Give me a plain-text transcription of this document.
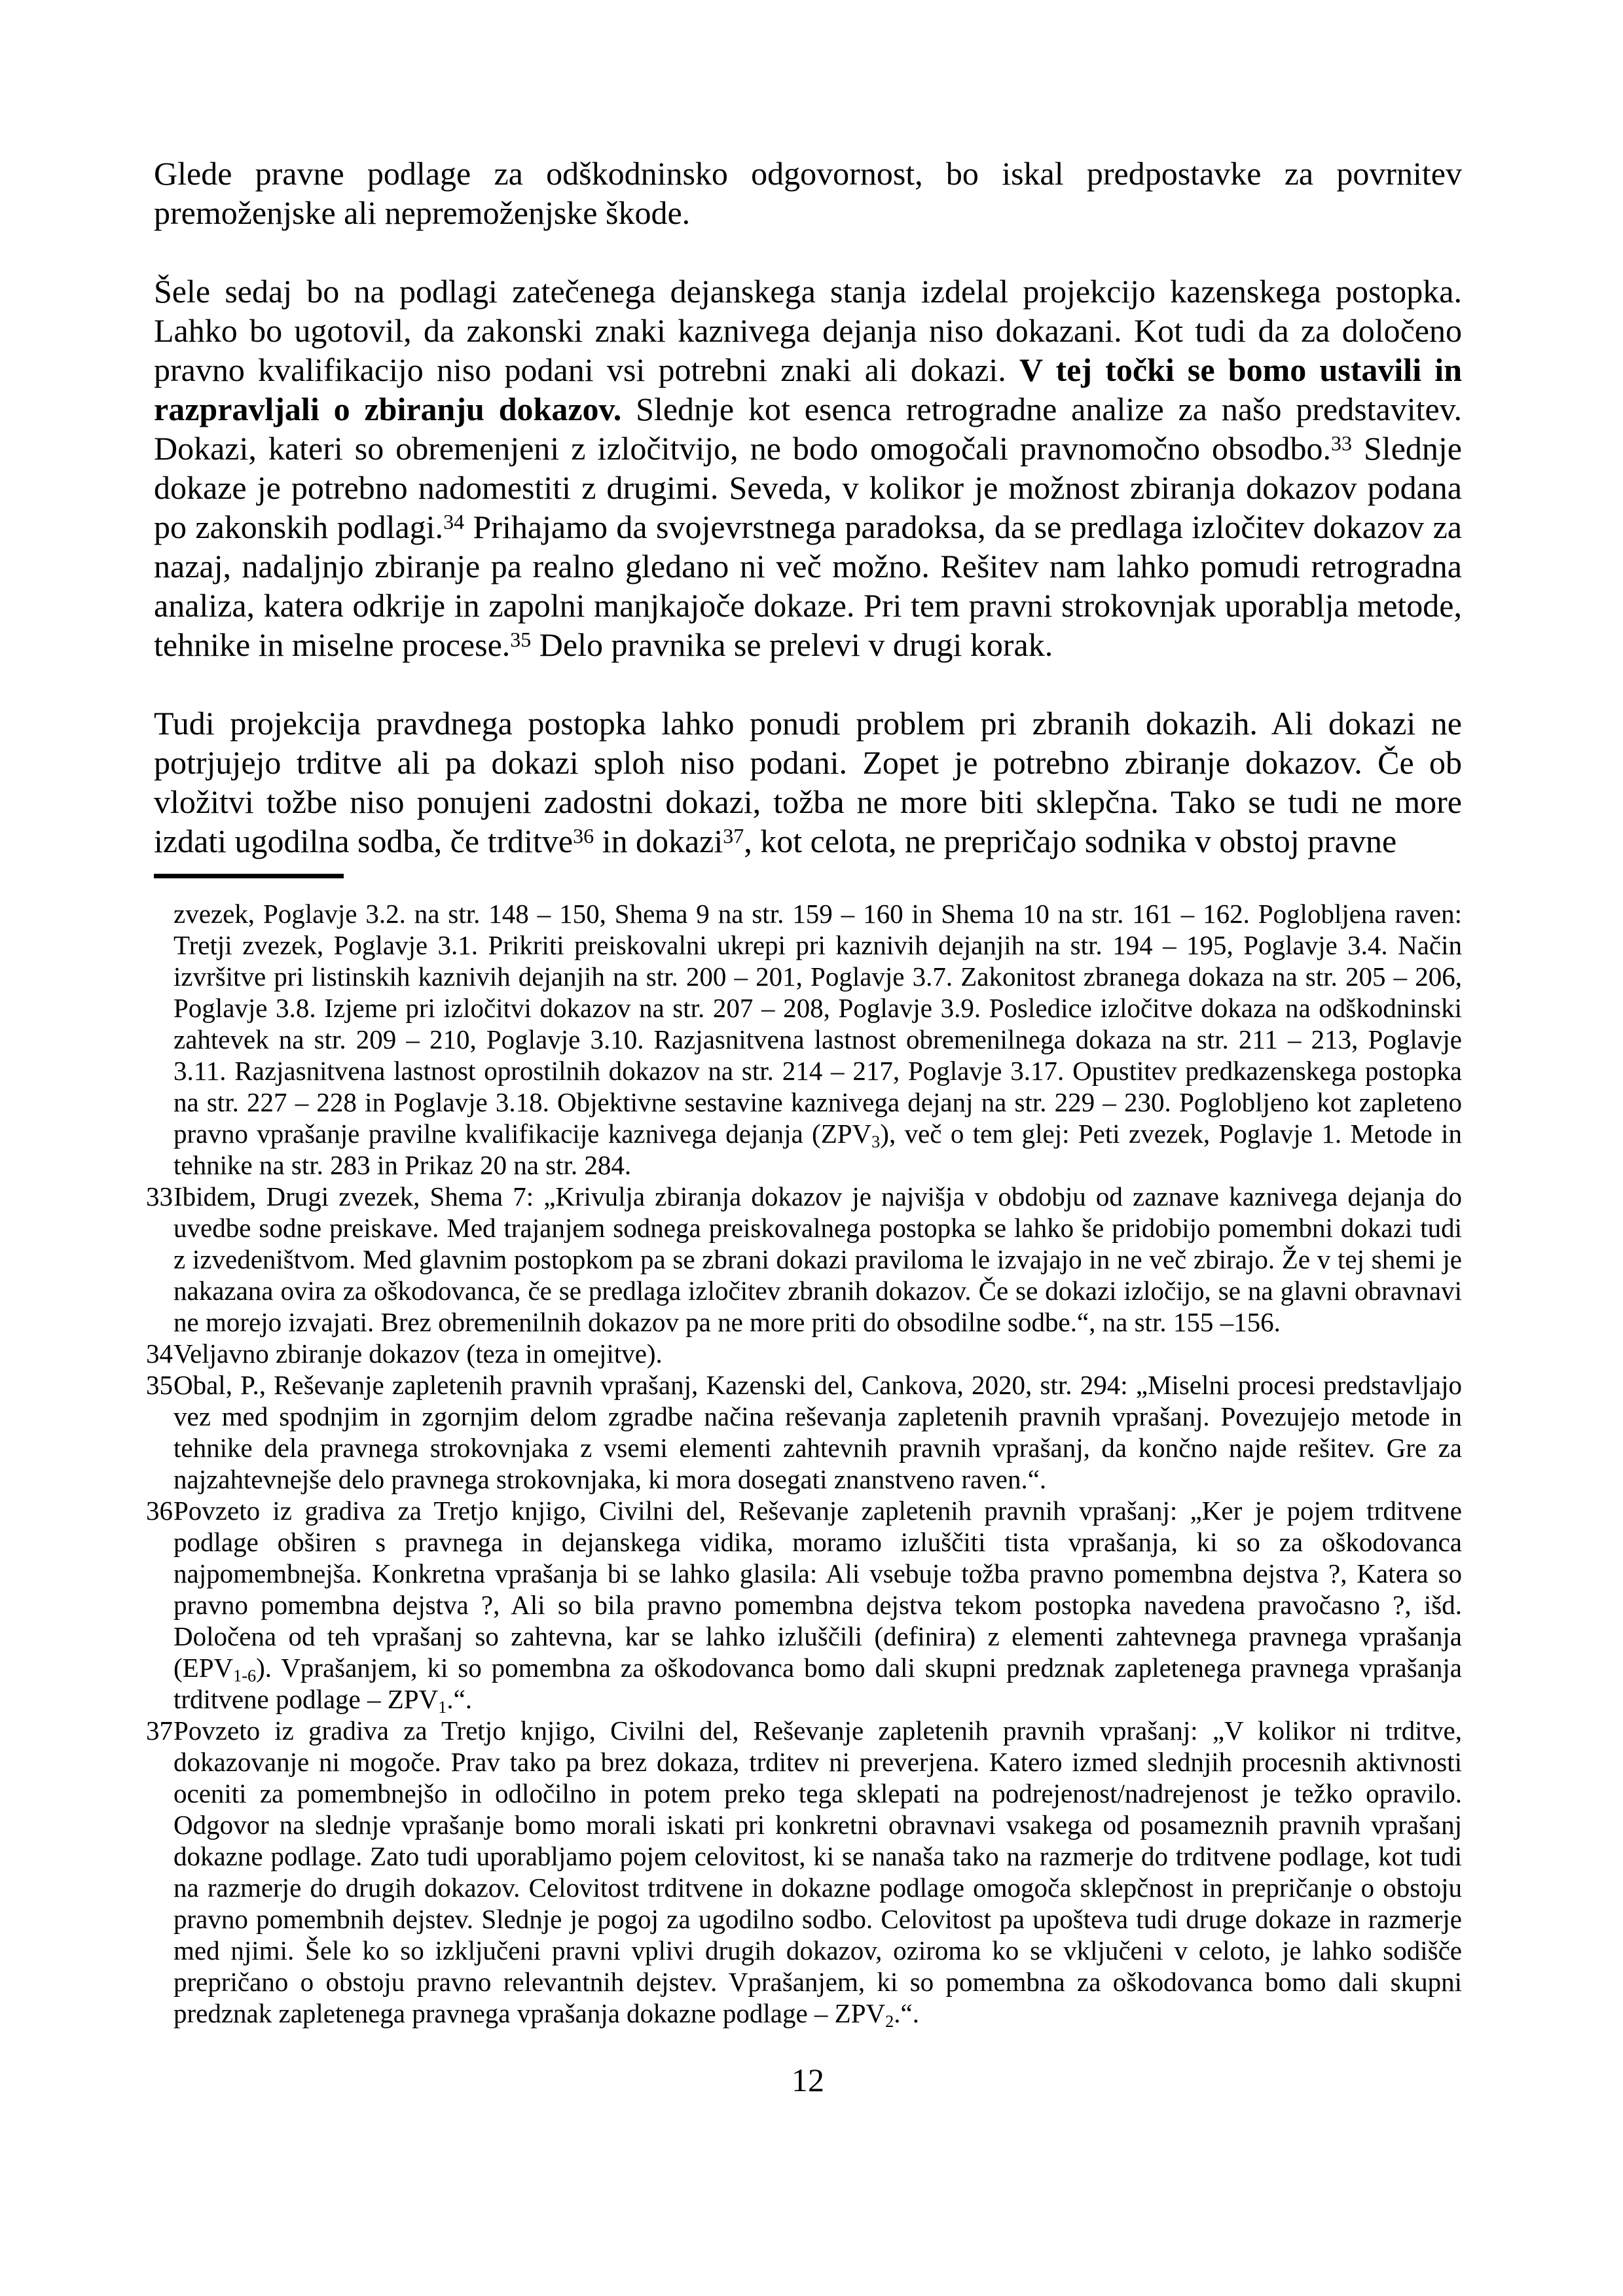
Glede pravne podlage za odškodninsko odgovornost, bo iskal predpostavke za povrnitev premoženjske ali nepremoženjske škode.

Šele sedaj bo na podlagi zatečenega dejanskega stanja izdelal projekcijo kazenskega postopka. Lahko bo ugotovil, da zakonski znaki kaznivega dejanja niso dokazani. Kot tudi da za določeno pravno kvalifikacijo niso podani vsi potrebni znaki ali dokazi. V tej točki se bomo ustavili in razpravljali o zbiranju dokazov. Slednje kot esenca retrogradne analize za našo predstavitev. Dokazi, kateri so obremenjeni z izločitvijo, ne bodo omogočali pravnomočno obsodbo.$^{33}$ Slednje dokaze je potrebno nadomestiti z drugimi. Seveda, v kolikor je možnost zbiranja dokazov podana po zakonskih podlagi.$^{34}$ Prihajamo da svojevrstnega paradoksa, da se predlaga izločitev dokazov za nazaj, nadaljnjo zbiranje pa realno gledano ni več možno. Rešitev nam lahko pomudi retrogradna analiza, katera odkrije in zapolni manjkajoče dokaze. Pri tem pravni strokovnjak uporablja metode, tehnike in miselne procese.$^{35}$ Delo pravnika se prelevi v drugi korak.

Tudi projekcija pravdnega postopka lahko ponudi problem pri zbranih dokazih. Ali dokazi ne potrjujejo trditve ali pa dokazi sploh niso podani. Zopet je potrebno zbiranje dokazov. Če ob vložitvi tožbe niso ponujeni zadostni dokazi, tožba ne more biti sklepčna. Tako se tudi ne more izdati ugodilna sodba, če trditve$^{36}$ in dokazi$^{37}$, kot celota, ne prepričajo sodnika v obstoj pravne

zvezek, Poglavje 3.2. na str. 148 – 150, Shema 9 na str. 159 – 160 in Shema 10 na str. 161 – 162. Poglobljena raven: Tretji zvezek, Poglavje 3.1. Prikriti preiskovalni ukrepi pri kaznivih dejanjih na str. 194 – 195, Poglavje 3.4. Način izvršitve pri listinskih kaznivih dejanjih na str. 200 – 201, Poglavje 3.7. Zakonitost zbranega dokaza na str. 205 – 206, Poglavje 3.8. Izjeme pri izločitvi dokazov na str. 207 – 208, Poglavje 3.9. Posledice izločitve dokaza na odškodninski zahtevek na str. 209 – 210, Poglavje 3.10. Razjasnitvena lastnost obremenilnega dokaza na str. 211 – 213, Poglavje 3.11. Razjasnitvena lastnost oprostilnih dokazov na str. 214 – 217, Poglavje 3.17. Opustitev predkazenskega postopka na str. 227 – 228 in Poglavje 3.18. Objektivne sestavine kaznivega dejanj na str. 229 – 230. Poglobljeno kot zapleteno pravno vprašanje pravilne kvalifikacije kaznivega dejanja $(ZPV_3)$, več o tem glej: Peti zvezek, Poglavje 1. Metode in tehnike na str. 283 in Prikaz 20 na str. 284.
33 Ibidem, Drugi zvezek, Shema 7: „Krivulja zbiranja dokazov je najvišja v obdobju od zaznave kaznivega dejanja do uvedbe sodne preiskave. Med trajanjem sodnega preiskovalnega postopka se lahko še pridobijo pomembni dokazi tudi z izvedeništvom. Med glavnim postopkom pa se zbrani dokazi praviloma le izvajajo in ne več zbirajo. Že v tej shemi je nakazana ovira za oškodovanca, če se predlaga izločitev zbranih dokazov. Če se dokazi izločijo, se na glavni obravnavi ne morejo izvajati. Brez obremenilnih dokazov pa ne more priti do obsodilne sodbe.“, na str. 155 –156.
34 Veljavno zbiranje dokazov (teza in omejitve).
35 Obal, P., Reševanje zapletenih pravnih vprašanj, Kazenski del, Cankova, 2020, str. 294: „Miselni procesi predstavljajo vez med spodnjim in zgornjim delom zgradbe načina reševanja zapletenih pravnih vprašanj. Povezujejo metode in tehnike dela pravnega strokovnjaka z vsemi elementi zahtevnih pravnih vprašanj, da končno najde rešitev. Gre za najzahtevnejše delo pravnega strokovnjaka, ki mora dosegati znanstveno raven.“.
36 Povzeto iz gradiva za Tretjo knjigo, Civilni del, Reševanje zapletenih pravnih vprašanj: „Ker je pojem trditvene podlage obširen s pravnega in dejanskega vidika, moramo izluščiti tista vprašanja, ki so za oškodovanca najpomembnejša. Konkretna vprašanja bi se lahko glasila: Ali vsebuje tožba pravno pomembna dejstva ?, Katera so pravno pomembna dejstva ?, Ali so bila pravno pomembna dejstva tekom postopka navedena pravočasno ?, išd. Določena od teh vprašanj so zahtevna, kar se lahko izluščili (definira) z elementi zahtevnega pravnega vprašanja $(EPV_{1-6})$. Vprašanjem, ki so pomembna za oškodovanca bomo dali skupni predznak zapletenega pravnega vprašanja trditvene podlage – $ZPV_1.“$.
37 Povzeto iz gradiva za Tretjo knjigo, Civilni del, Reševanje zapletenih pravnih vprašanj: „V kolikor ni trditve, dokazovanje ni mogoče. Prav tako pa brez dokaza, trditev ni preverjena. Katero izmed slednjih procesnih aktivnosti oceniti za pomembnejšo in odločilno in potem preko tega sklepati na podrejenost/nadrejenost je težko opravilo. Odgovor na slednje vprašanje bomo morali iskati pri konkretni obravnavi vsakega od posameznih pravnih vprašanj dokazne podlage. Zato tudi uporabljamo pojem celovitost, ki se nanaša tako na razmerje do trditvene podlage, kot tudi na razmerje do drugih dokazov. Celovitost trditvene in dokazne podlage omogoča sklepčnost in prepričanje o obstoju pravno pomembnih dejstev. Slednje je pogoj za ugodilno sodbo. Celovitost pa upošteva tudi druge dokaze in razmerje med njimi. Šele ko so izključeni pravni vplivi drugih dokazov, oziroma ko se vključeni v celoto, je lahko sodišče prepričano o obstoju pravno relevantnih dejstev. Vprašanjem, ki so pomembna za oškodovanca bomo dali skupni predznak zapletenega pravnega vprašanja dokazne podlage – $ZPV_2.“$.
12
